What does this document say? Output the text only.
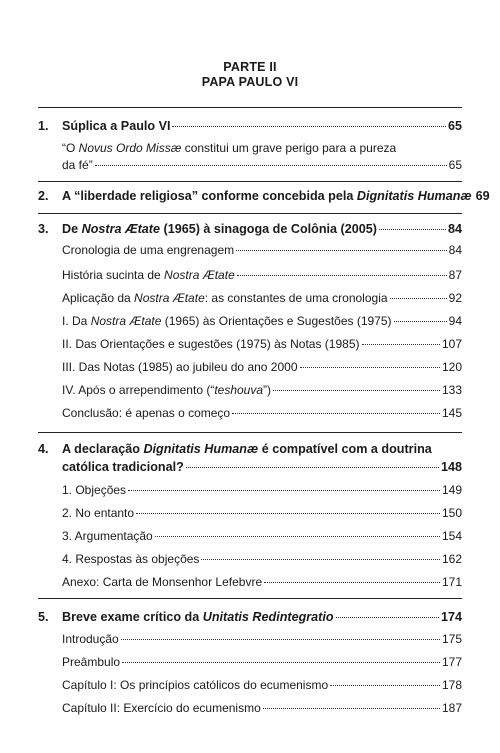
PARTE II
PAPA PAULO VI
1. Súplica a Paulo VI	65
“O Novus Ordo Missæ constitui um grave perigo para a pureza
da fé”	65
2. A “liberdade religiosa” conforme concebida pela Dignitatis Humanæ 69
3. De Nostra Ætate (1965) à sinagoga de Colônia (2005)	84
Cronologia de uma engrenagem	84
História sucinta de Nostra Ætate	87
Aplicação da Nostra Ætate: as constantes de uma cronologia	92
I. Da Nostra Ætate (1965) às Orientações e Sugestões (1975)	94
II. Das Orientações e sugestões (1975) às Notas (1985)	107
III. Das Notas (1985) ao jubileu do ano 2000	120
IV. Após o arrependimento (“teshouva”)	133
Conclusão: é apenas o começo	145
4. A declaração Dignitatis Humanæ é compatível com a doutrina
católica tradicional?	148
1. Objeções	149
2. No entanto	150
3. Argumentação	154
4. Respostas às objeções	162
Anexo: Carta de Monsenhor Lefebvre	171
5. Breve exame crítico da Unitatis Redintegratio	174
Introdução	175
Preâmbulo	177
Capítulo I: Os princípios católicos do ecumenismo	178
Capítulo II: Exercício do ecumenismo	187
